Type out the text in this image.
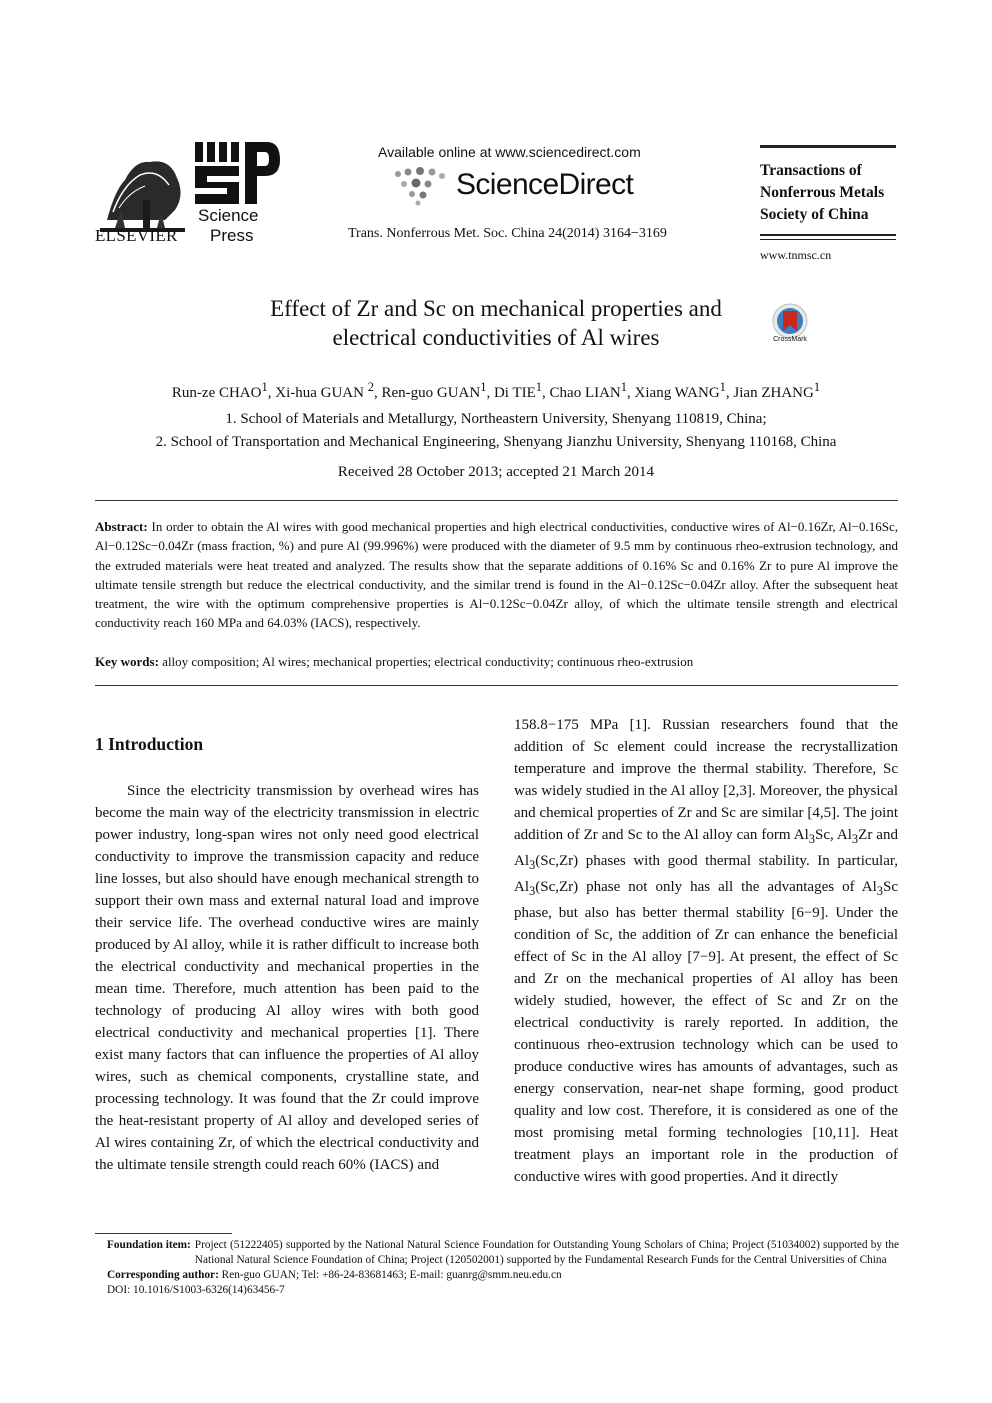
ELSEVIER
Science
Press
Available online at www.sciencedirect.com
ScienceDirect
Trans. Nonferrous Met. Soc. China 24(2014) 3164−3169
Transactions of
Nonferrous Metals
Society of China
www.tnmsc.cn
Effect of Zr and Sc on mechanical properties and
electrical conductivities of Al wires	CrossMark
Run-ze CHAO$^1$, Xi-hua GUAN $^2$, Ren-guo GUAN$^1$, Di TIE$^1$, Chao LIAN$^1$, Xiang WANG$^1$, Jian ZHANG$^1$
1. School of Materials and Metallurgy, Northeastern University, Shenyang 110819, China;
2. School of Transportation and Mechanical Engineering, Shenyang Jianzhu University, Shenyang 110168, China
Received 28 October 2013; accepted 21 March 2014
Abstract: In order to obtain the Al wires with good mechanical properties and high electrical conductivities, conductive wires of Al−0.16Zr, Al−0.16Sc, Al−0.12Sc−0.04Zr (mass fraction, %) and pure Al (99.996%) were produced with the diameter of 9.5 mm by continuous rheo-extrusion technology, and the extruded materials were heat treated and analyzed. The results show that the separate additions of 0.16% Sc and 0.16% Zr to pure Al improve the ultimate tensile strength but reduce the electrical conductivity, and the similar trend is found in the Al−0.12Sc−0.04Zr alloy. After the subsequent heat treatment, the wire with the optimum comprehensive properties is Al−0.12Sc−0.04Zr alloy, of which the ultimate tensile strength and electrical conductivity reach 160 MPa and 64.03% (IACS), respectively.
Key words: alloy composition; Al wires; mechanical properties; electrical conductivity; continuous rheo-extrusion
1 Introduction
Since the electricity transmission by overhead wires has become the main way of the electricity transmission in electric power industry, long-span wires not only need good electrical conductivity to improve the transmission capacity and reduce line losses, but also should have enough mechanical strength to support their own mass and external natural load and improve their service life. The overhead conductive wires are mainly produced by Al alloy, while it is rather difficult to increase both the electrical conductivity and mechanical properties in the mean time. Therefore, much attention has been paid to the technology of producing Al alloy wires with both good electrical conductivity and mechanical properties [1]. There exist many factors that can influence the properties of Al alloy wires, such as chemical components, crystalline state, and processing technology. It was found that the Zr could improve the heat-resistant property of Al alloy and developed series of Al wires containing Zr, of which the electrical conductivity and the ultimate tensile strength could reach 60% (IACS) and
158.8−175 MPa [1]. Russian researchers found that the addition of Sc element could increase the recrystallization temperature and improve the thermal stability. Therefore, Sc was widely studied in the Al alloy [2,3]. Moreover, the physical and chemical properties of Zr and Sc are similar [4,5]. The joint addition of Zr and Sc to the Al alloy can form $Al_3Sc$, $Al_3Zr$ and $Al_3(Sc,Zr)$ phases with good thermal stability. In particular, $Al_3(Sc,Zr)$ phase not only has all the advantages of $Al_3Sc$ phase, but also has better thermal stability [6−9]. Under the condition of Sc, the addition of Zr can enhance the beneficial effect of Sc in the Al alloy [7−9]. At present, the effect of Sc and Zr on the mechanical properties of Al alloy has been widely studied, however, the effect of Sc and Zr on the electrical conductivity is rarely reported. In addition, the continuous rheo-extrusion technology which can be used to produce conductive wires has amounts of advantages, such as energy conservation, near-net shape forming, good product quality and low cost. Therefore, it is considered as one of the most promising metal forming technologies [10,11]. Heat treatment plays an important role in the production of conductive wires with good properties. And it directly
Foundation item: Project (51222405) supported by the National Natural Science Foundation for Outstanding Young Scholars of China; Project (51034002) supported by the National Natural Science Foundation of China; Project (120502001) supported by the Fundamental Research Funds for the Central Universities of China
Corresponding author: Ren-guo GUAN; Tel: +86-24-83681463; E-mail: guanrg@smm.neu.edu.cn
DOI: 10.1016/S1003-6326(14)63456-7
